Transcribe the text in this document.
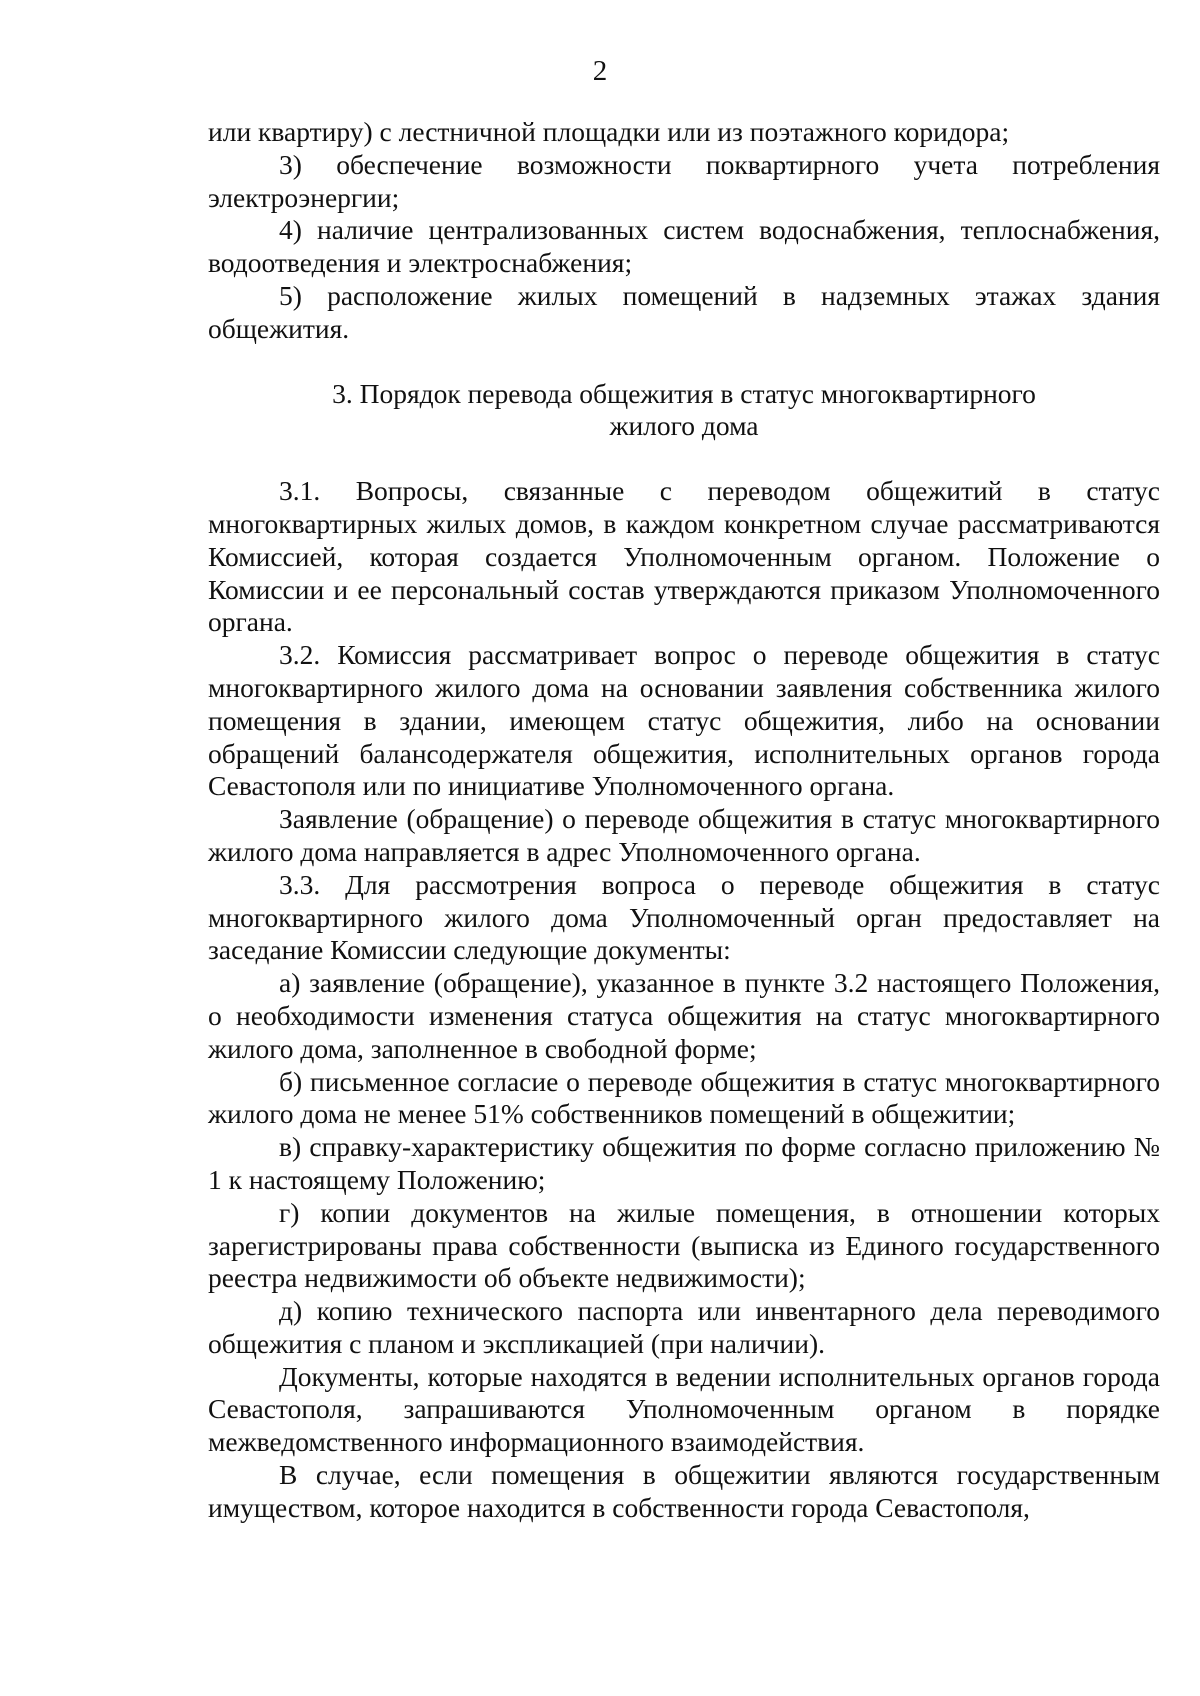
2

или квартиру) с лестничной площадки или из поэтажного коридора;

3) обеспечение возможности поквартирного учета потребления электроэнергии;

4) наличие централизованных систем водоснабжения, теплоснабжения, водоотведения и электроснабжения;

5) расположение жилых помещений в надземных этажах здания общежития.

3. Порядок перевода общежития в статус многоквартирного
жилого дома

3.1. Вопросы, связанные с переводом общежитий в статус многоквартирных жилых домов, в каждом конкретном случае рассматриваются Комиссией, которая создается Уполномоченным органом. Положение о Комиссии и ее персональный состав утверждаются приказом Уполномоченного органа.

3.2. Комиссия рассматривает вопрос о переводе общежития в статус многоквартирного жилого дома на основании заявления собственника жилого помещения в здании, имеющем статус общежития, либо на основании обращений балансодержателя общежития, исполнительных органов города Севастополя или по инициативе Уполномоченного органа.

Заявление (обращение) о переводе общежития в статус многоквартирного жилого дома направляется в адрес Уполномоченного органа.

3.3. Для рассмотрения вопроса о переводе общежития в статус многоквартирного жилого дома Уполномоченный орган предоставляет на заседание Комиссии следующие документы:

а) заявление (обращение), указанное в пункте 3.2 настоящего Положения, о необходимости изменения статуса общежития на статус многоквартирного жилого дома, заполненное в свободной форме;

б) письменное согласие о переводе общежития в статус многоквартирного жилого дома не менее 51% собственников помещений в общежитии;

в) справку-характеристику общежития по форме согласно приложению № 1 к настоящему Положению;

г) копии документов на жилые помещения, в отношении которых зарегистрированы права собственности (выписка из Единого государственного реестра недвижимости об объекте недвижимости);

д) копию технического паспорта или инвентарного дела переводимого общежития с планом и экспликацией (при наличии).

Документы, которые находятся в ведении исполнительных органов города Севастополя, запрашиваются Уполномоченным органом в порядке межведомственного информационного взаимодействия.

В случае, если помещения в общежитии являются государственным имуществом, которое находится в собственности города Севастополя,
